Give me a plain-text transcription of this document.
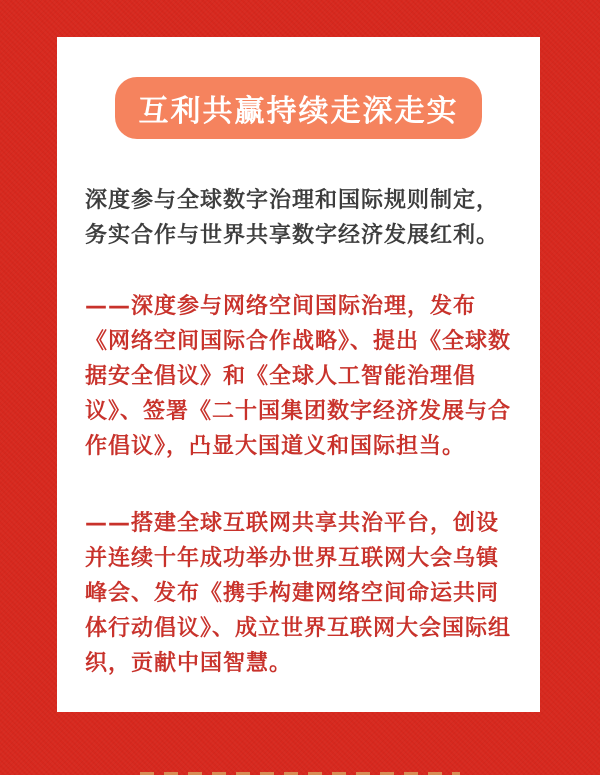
互利共赢持续走深走实

深度参与全球数字治理和国际规则制定，务实合作与世界共享数字经济发展红利。

——深度参与网络空间国际治理，发布《网络空间国际合作战略》、提出《全球数据安全倡议》和《全球人工智能治理倡议》、签署《二十国集团数字经济发展与合作倡议》，凸显大国道义和国际担当。

——搭建全球互联网共享共治平台，创设并连续十年成功举办世界互联网大会乌镇峰会、发布《携手构建网络空间命运共同体行动倡议》、成立世界互联网大会国际组织，贡献中国智慧。
